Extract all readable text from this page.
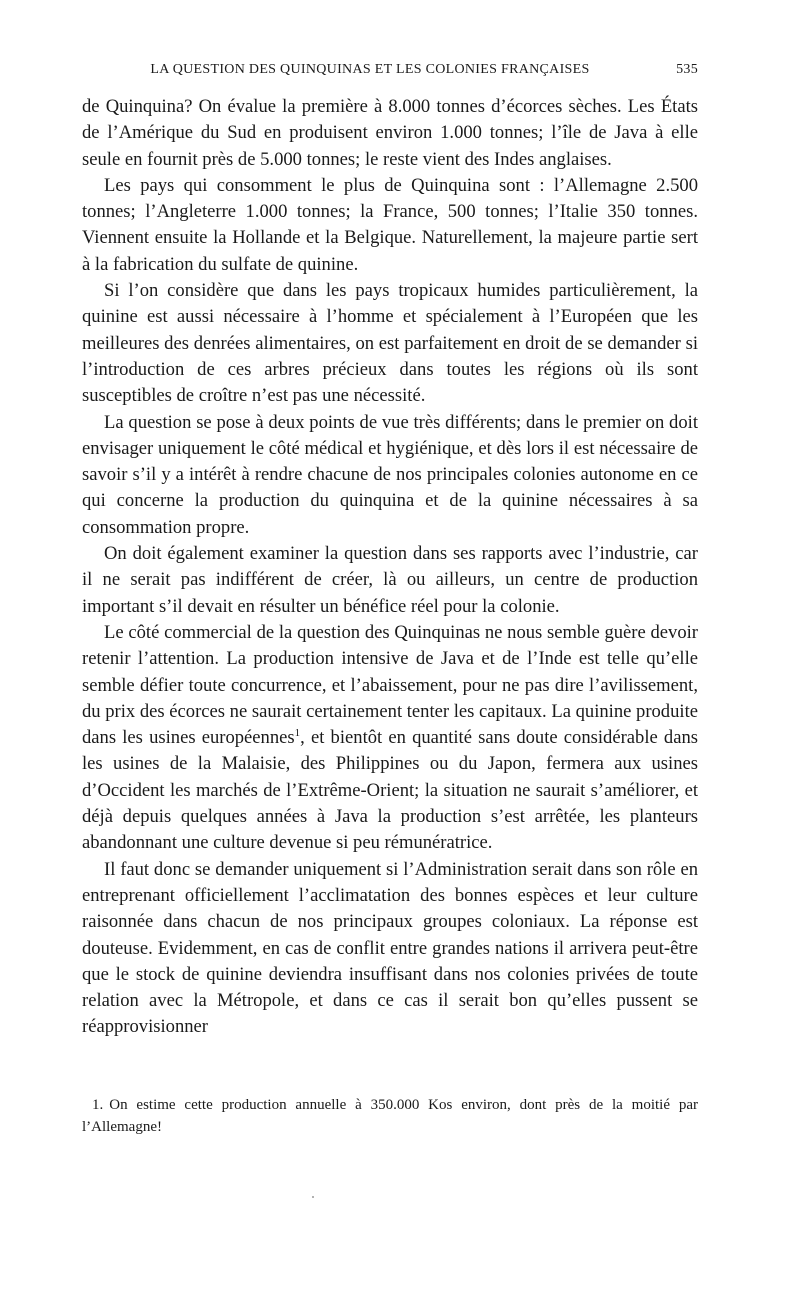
LA QUESTION DES QUINQUINAS ET LES COLONIES FRANÇAISES	535

de Quinquina? On évalue la première à 8.000 tonnes d’écorces sèches. Les États de l’Amérique du Sud en produisent environ 1.000 tonnes; l’île de Java à elle seule en fournit près de 5.000 tonnes; le reste vient des Indes anglaises.

Les pays qui consomment le plus de Quinquina sont : l’Allemagne 2.500 tonnes; l’Angleterre 1.000 tonnes; la France, 500 tonnes; l’Italie 350 tonnes. Viennent ensuite la Hollande et la Belgique. Naturellement, la majeure partie sert à la fabrication du sulfate de quinine.

Si l’on considère que dans les pays tropicaux humides particulièrement, la quinine est aussi nécessaire à l’homme et spécialement à l’Européen que les meilleures des denrées alimentaires, on est parfaitement en droit de se demander si l’introduction de ces arbres précieux dans toutes les régions où ils sont susceptibles de croître n’est pas une nécessité.

La question se pose à deux points de vue très différents; dans le premier on doit envisager uniquement le côté médical et hygiénique, et dès lors il est nécessaire de savoir s’il y a intérêt à rendre chacune de nos principales colonies autonome en ce qui concerne la production du quinquina et de la quinine nécessaires à sa consommation propre.

On doit également examiner la question dans ses rapports avec l’industrie, car il ne serait pas indifférent de créer, là ou ailleurs, un centre de production important s’il devait en résulter un bénéfice réel pour la colonie.

Le côté commercial de la question des Quinquinas ne nous semble guère devoir retenir l’attention. La production intensive de Java et de l’Inde est telle qu’elle semble défier toute concurrence, et l’abaissement, pour ne pas dire l’avilissement, du prix des écorces ne saurait certainement tenter les capitaux. La quinine produite dans les usines européennes$^1$, et bientôt en quantité sans doute considérable dans les usines de la Malaisie, des Philippines ou du Japon, fermera aux usines d’Occident les marchés de l’Extrême-Orient; la situation ne saurait s’améliorer, et déjà depuis quelques années à Java la production s’est arrêtée, les planteurs abandonnant une culture devenue si peu rémunératrice.

Il faut donc se demander uniquement si l’Administration serait dans son rôle en entreprenant officiellement l’acclimatation des bonnes espèces et leur culture raisonnée dans chacun de nos principaux groupes coloniaux. La réponse est douteuse. Evidemment, en cas de conflit entre grandes nations il arrivera peut-être que le stock de quinine deviendra insuffisant dans nos colonies privées de toute relation avec la Métropole, et dans ce cas il serait bon qu’elles pussent se réapprovisionner

1. On estime cette production annuelle à 350.000 Kos environ, dont près de la moitié par l’Allemagne!
